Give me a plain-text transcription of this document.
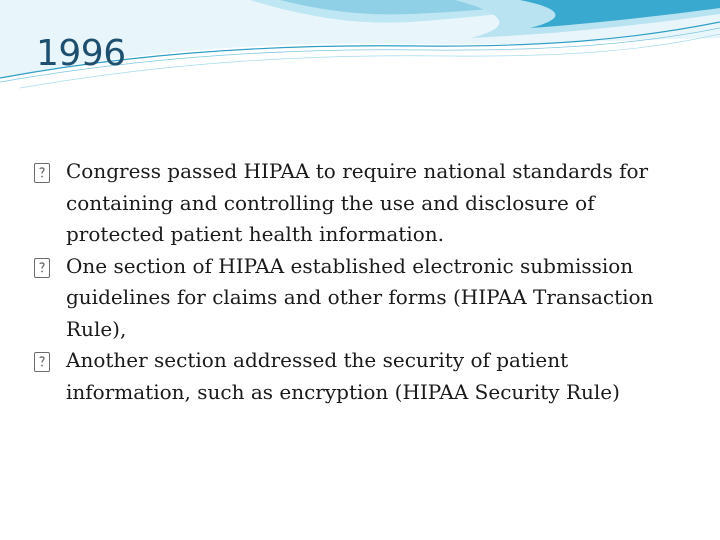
1996
Congress passed HIPAA to require national standards for containing and controlling the use and disclosure of protected patient health information.
One section of HIPAA established electronic submission guidelines for claims and other forms (HIPAA Transaction Rule),
Another section addressed the security of patient information, such as encryption (HIPAA Security Rule)
